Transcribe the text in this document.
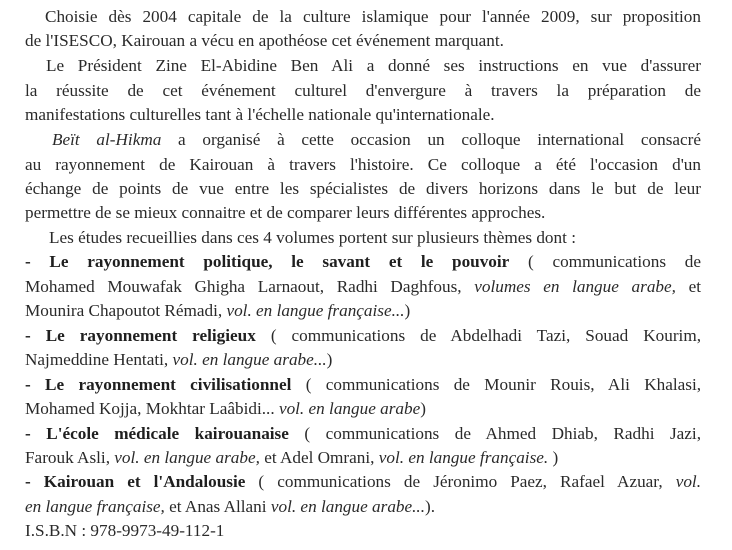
Choisie dès 2004 capitale de la culture islamique pour l'année 2009, sur proposition
de l'ISESCO, Kairouan a vécu en apothéose cet événement marquant.
Le Président Zine El-Abidine Ben Ali a donné ses instructions en vue d'assurer
la réussite de cet événement culturel d'envergure à travers la préparation de
manifestations culturelles tant à l'échelle nationale qu'internationale.
Beït al-Hikma a organisé à cette occasion un colloque international consacré
au rayonnement de Kairouan à travers l'histoire. Ce colloque a été l'occasion d'un
échange de points de vue entre les spécialistes de divers horizons dans le but de leur
permettre de se mieux connaitre et de comparer leurs différentes approches.
Les études recueillies dans ces 4 volumes portent sur plusieurs thèmes dont :
- Le rayonnement politique, le savant et le pouvoir ( communications de
Mohamed Mouwafak Ghigha Larnaout, Radhi Daghfous, volumes en langue arabe, et
Mounira Chapoutot Rémadi, vol. en langue française...)
- Le rayonnement religieux ( communications de Abdelhadi Tazi, Souad Kourim,
Najmeddine Hentati, vol. en langue arabe...)
- Le rayonnement civilisationnel ( communications de Mounir Rouis, Ali Khalasi,
Mohamed Kojja, Mokhtar Laâbidi... vol. en langue arabe)
- L'école médicale kairouanaise ( communications de Ahmed Dhiab, Radhi Jazi,
Farouk Asli, vol. en langue arabe, et Adel Omrani, vol. en langue française. )
- Kairouan et l'Andalousie ( communications de Jéronimo Paez, Rafael Azuar, vol.
en langue française, et Anas Allani vol. en langue arabe...).
I.S.B.N : 978-9973-49-112-1
